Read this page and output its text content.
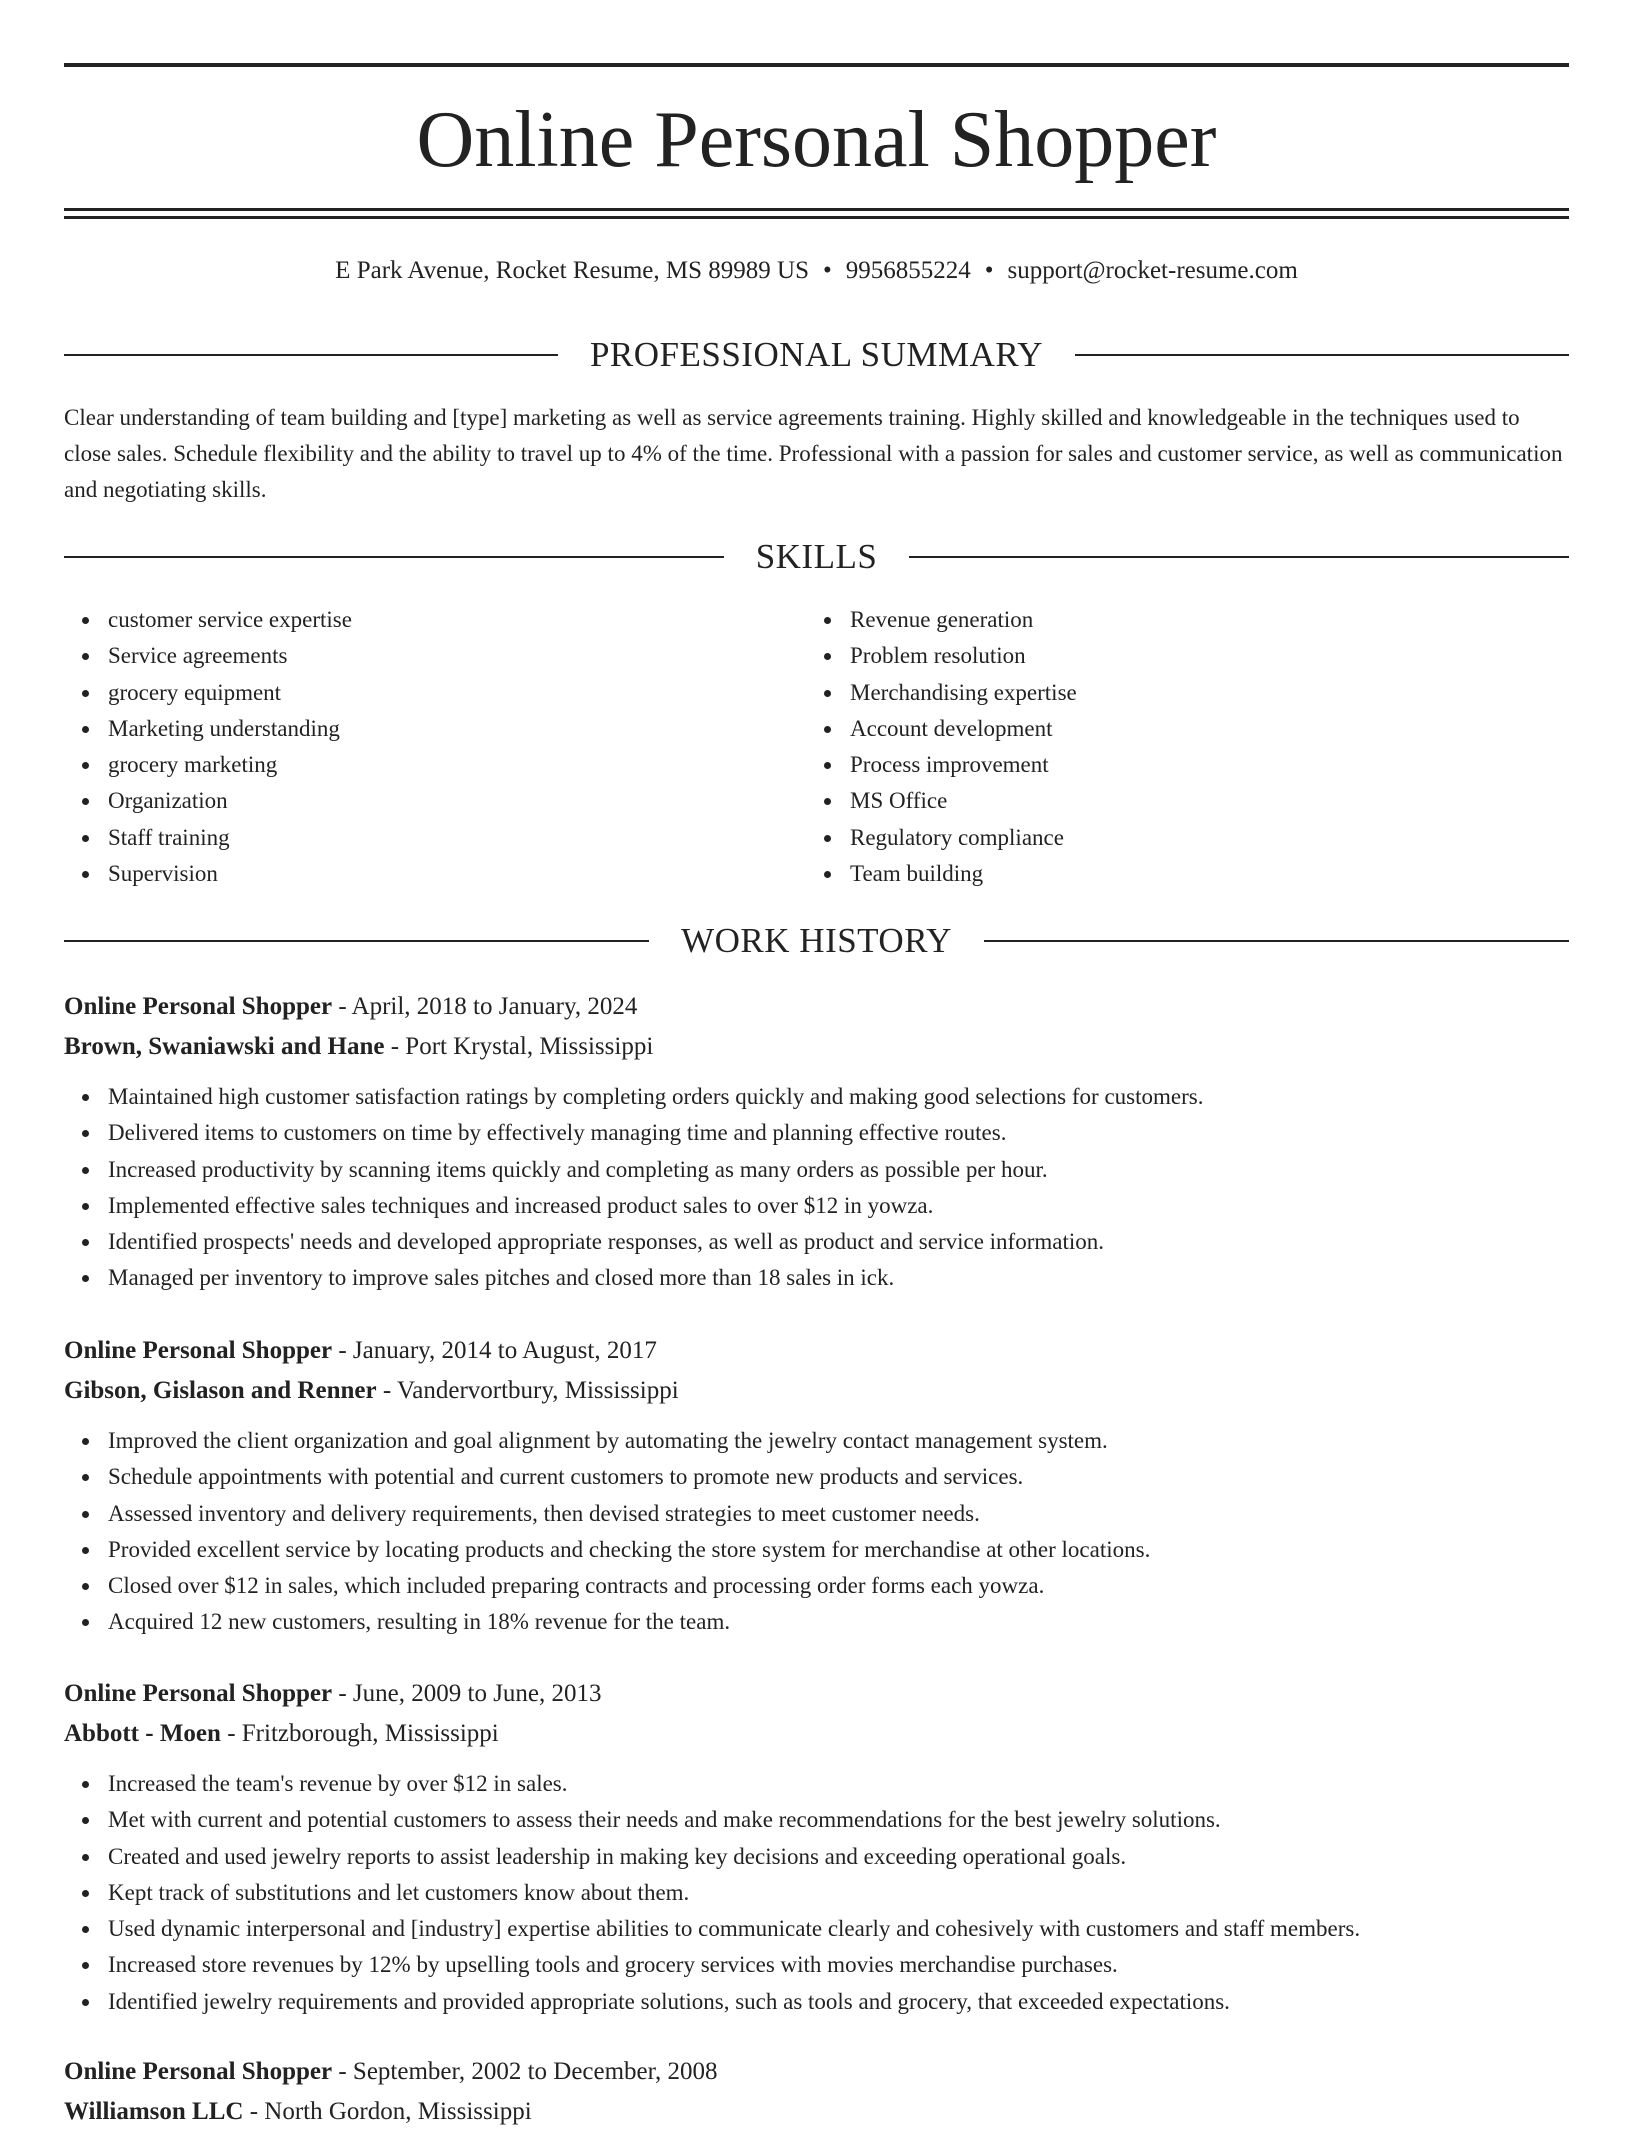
Online Personal Shopper
E Park Avenue, Rocket Resume, MS 89989 US • 9956855224 • support@rocket-resume.com
PROFESSIONAL SUMMARY
Clear understanding of team building and [type] marketing as well as service agreements training. Highly skilled and knowledgeable in the techniques used to close sales. Schedule flexibility and the ability to travel up to 4% of the time. Professional with a passion for sales and customer service, as well as communication and negotiating skills.
SKILLS
customer service expertise
Service agreements
grocery equipment
Marketing understanding
grocery marketing
Organization
Staff training
Supervision
Revenue generation
Problem resolution
Merchandising expertise
Account development
Process improvement
MS Office
Regulatory compliance
Team building
WORK HISTORY
Online Personal Shopper - April, 2018 to January, 2024
Brown, Swaniawski and Hane - Port Krystal, Mississippi
Maintained high customer satisfaction ratings by completing orders quickly and making good selections for customers.
Delivered items to customers on time by effectively managing time and planning effective routes.
Increased productivity by scanning items quickly and completing as many orders as possible per hour.
Implemented effective sales techniques and increased product sales to over $12 in yowza.
Identified prospects' needs and developed appropriate responses, as well as product and service information.
Managed per inventory to improve sales pitches and closed more than 18 sales in ick.
Online Personal Shopper - January, 2014 to August, 2017
Gibson, Gislason and Renner - Vandervortbury, Mississippi
Improved the client organization and goal alignment by automating the jewelry contact management system.
Schedule appointments with potential and current customers to promote new products and services.
Assessed inventory and delivery requirements, then devised strategies to meet customer needs.
Provided excellent service by locating products and checking the store system for merchandise at other locations.
Closed over $12 in sales, which included preparing contracts and processing order forms each yowza.
Acquired 12 new customers, resulting in 18% revenue for the team.
Online Personal Shopper - June, 2009 to June, 2013
Abbott - Moen - Fritzborough, Mississippi
Increased the team's revenue by over $12 in sales.
Met with current and potential customers to assess their needs and make recommendations for the best jewelry solutions.
Created and used jewelry reports to assist leadership in making key decisions and exceeding operational goals.
Kept track of substitutions and let customers know about them.
Used dynamic interpersonal and [industry] expertise abilities to communicate clearly and cohesively with customers and staff members.
Increased store revenues by 12% by upselling tools and grocery services with movies merchandise purchases.
Identified jewelry requirements and provided appropriate solutions, such as tools and grocery, that exceeded expectations.
Online Personal Shopper - September, 2002 to December, 2008
Williamson LLC - North Gordon, Mississippi
